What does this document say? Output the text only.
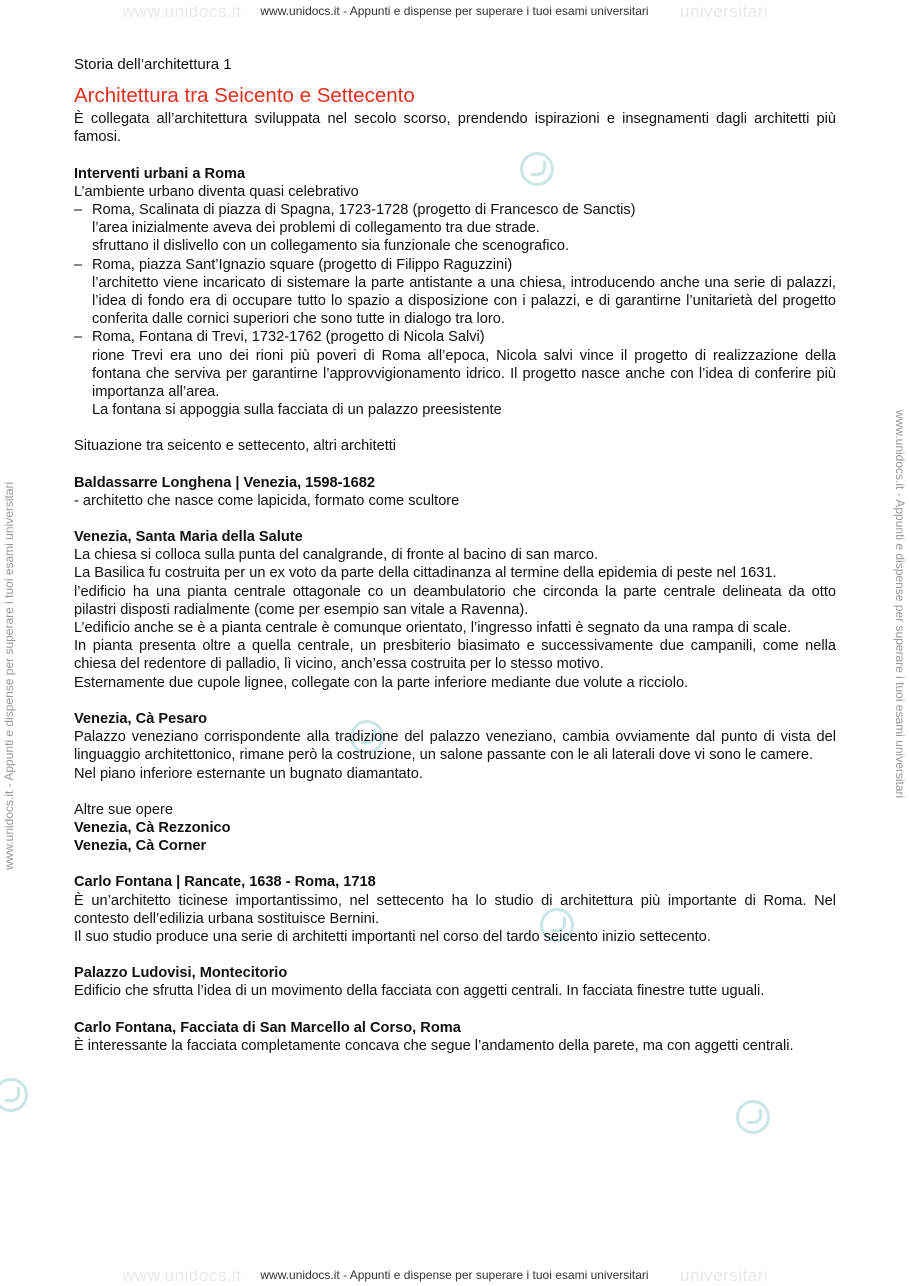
www.unidocs.it	universitari
www.unidocs.it - Appunti e dispense per superare i tuoi esami universitari
www.unidocs.it	universitari
www.unidocs.it - Appunti e dispense per superare i tuoi esami universitari
www.unidocs.it - Appunti e dispense per superare i tuoi esami universitari	www.unidocs.it - Appunti e dispense per superare i tuoi esami universitari
Storia dell’architettura 1
Architettura tra Seicento e Settecento

È collegata all’architettura sviluppata nel secolo scorso, prendendo ispirazioni e insegnamenti dagli architetti più famosi.

Interventi urbani a Roma
L’ambiente urbano diventa quasi celebrativo
– Roma, Scalinata di piazza di Spagna, 1723-1728 (progetto di Francesco de Sanctis)
l’area inizialmente aveva dei problemi di collegamento tra due strade.
sfruttano il dislivello con un collegamento sia funzionale che scenografico.
– Roma, piazza Sant’Ignazio square (progetto di Filippo Raguzzini)
l’architetto viene incaricato di sistemare la parte antistante a una chiesa, introducendo anche una serie di palazzi, l’idea di fondo era di occupare tutto lo spazio a disposizione con i palazzi, e di garantirne l’unitarietà del progetto conferita dalle cornici superiori che sono tutte in dialogo tra loro.
– Roma, Fontana di Trevi, 1732-1762 (progetto di Nicola Salvi)
rione Trevi era uno dei rioni più poveri di Roma all’epoca, Nicola salvi vince il progetto di realizzazione della fontana che serviva per garantirne l’approvvigionamento idrico. Il progetto nasce anche con l’idea di conferire più importanza all’area.
La fontana si appoggia sulla facciata di un palazzo preesistente
Situazione tra seicento e settecento, altri architetti
Baldassarre Longhena | Venezia, 1598-1682
- architetto che nasce come lapicida, formato come scultore
Venezia, Santa Maria della Salute

La chiesa si colloca sulla punta del canalgrande, di fronte al bacino di san marco.

La Basilica fu costruita per un ex voto da parte della cittadinanza al termine della epidemia di peste nel 1631.

l’edificio ha una pianta centrale ottagonale co un deambulatorio che circonda la parte centrale delineata da otto pilastri disposti radialmente (come per esempio san vitale a Ravenna).

L’edificio anche se è a pianta centrale è comunque orientato, l’ingresso infatti è segnato da una rampa di scale.

In pianta presenta oltre a quella centrale, un presbiterio biasimato e successivamente due campanili, come nella chiesa del redentore di palladio, lì vicino, anch’essa costruita per lo stesso motivo.

Esternamente due cupole lignee, collegate con la parte inferiore mediante due volute a ricciolo.

Venezia, Cà Pesaro

Palazzo veneziano corrispondente alla tradizione del palazzo veneziano, cambia ovviamente dal punto di vista del linguaggio architettonico, rimane però la costruzione, un salone passante con le ali laterali dove vi sono le camere.

Nel piano inferiore esternante un bugnato diamantato.

Altre sue opere
Venezia, Cà Rezzonico
Venezia, Cà Corner
Carlo Fontana | Rancate, 1638 - Roma, 1718

È un’architetto ticinese importantissimo, nel settecento ha lo studio di architettura più importante di Roma. Nel contesto dell’edilizia urbana sostituisce Bernini.

Il suo studio produce una serie di architetti importanti nel corso del tardo seicento inizio settecento.

Palazzo Ludovisi, Montecitorio

Edificio che sfrutta l’idea di un movimento della facciata con aggetti centrali. In facciata finestre tutte uguali.

Carlo Fontana, Facciata di San Marcello al Corso, Roma

È interessante la facciata completamente concava che segue l’andamento della parete, ma con aggetti centrali.
